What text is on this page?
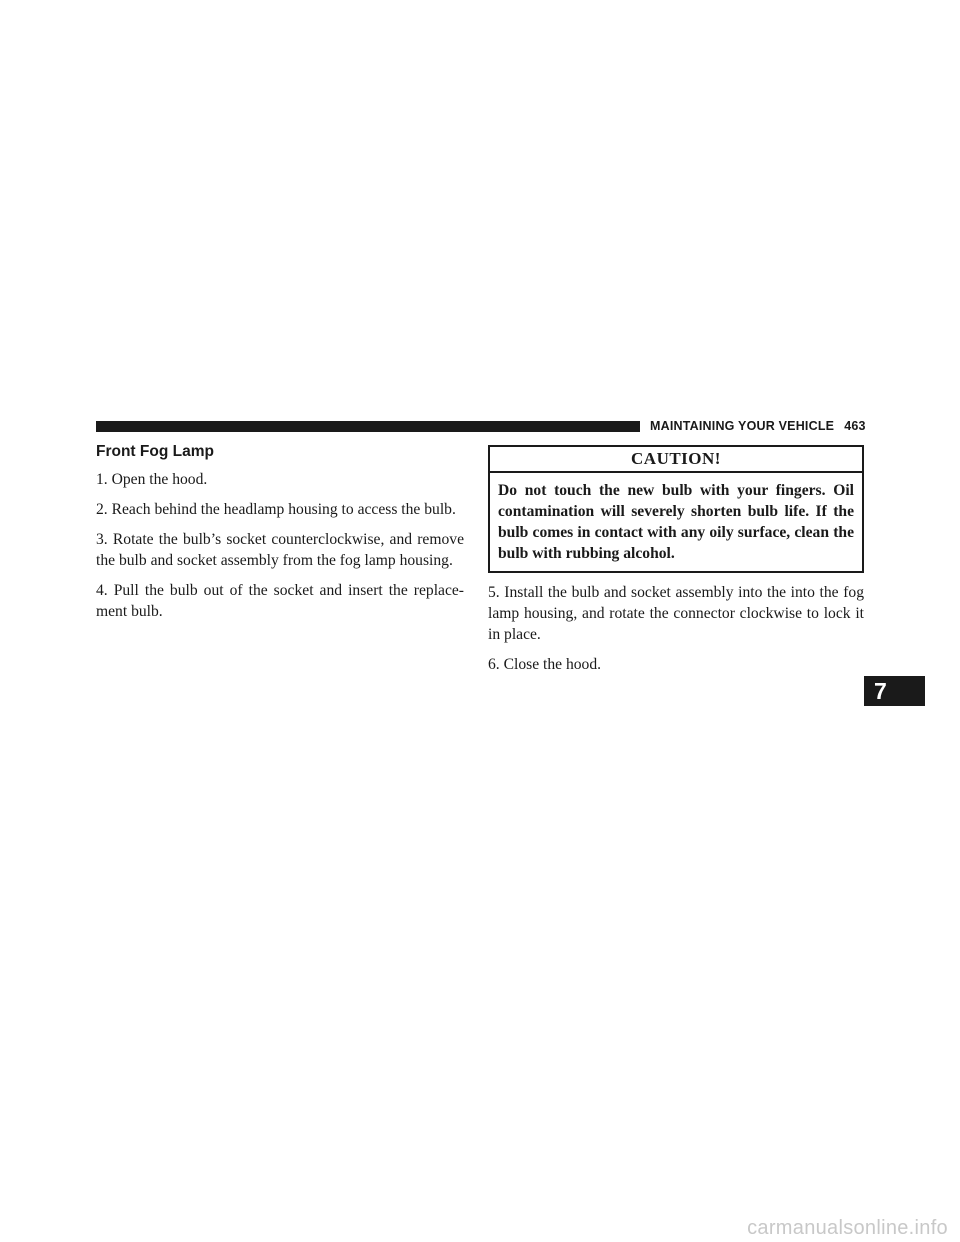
MAINTAINING YOUR VEHICLE 463
Front Fog Lamp

1. Open the hood.

2. Reach behind the headlamp housing to access the bulb.

3. Rotate the bulb’s socket counterclockwise, and remove the bulb and socket assembly from the fog lamp housing.

4. Pull the bulb out of the socket and insert the replace- ment bulb.

CAUTION!
Do not touch the new bulb with your fingers. Oil contamination will severely shorten bulb life. If the bulb comes in contact with any oily surface, clean the bulb with rubbing alcohol.

5. Install the bulb and socket assembly into the into the fog lamp housing, and rotate the connector clockwise to lock it in place.

6. Close the hood.

7
carmanualsonline.info
